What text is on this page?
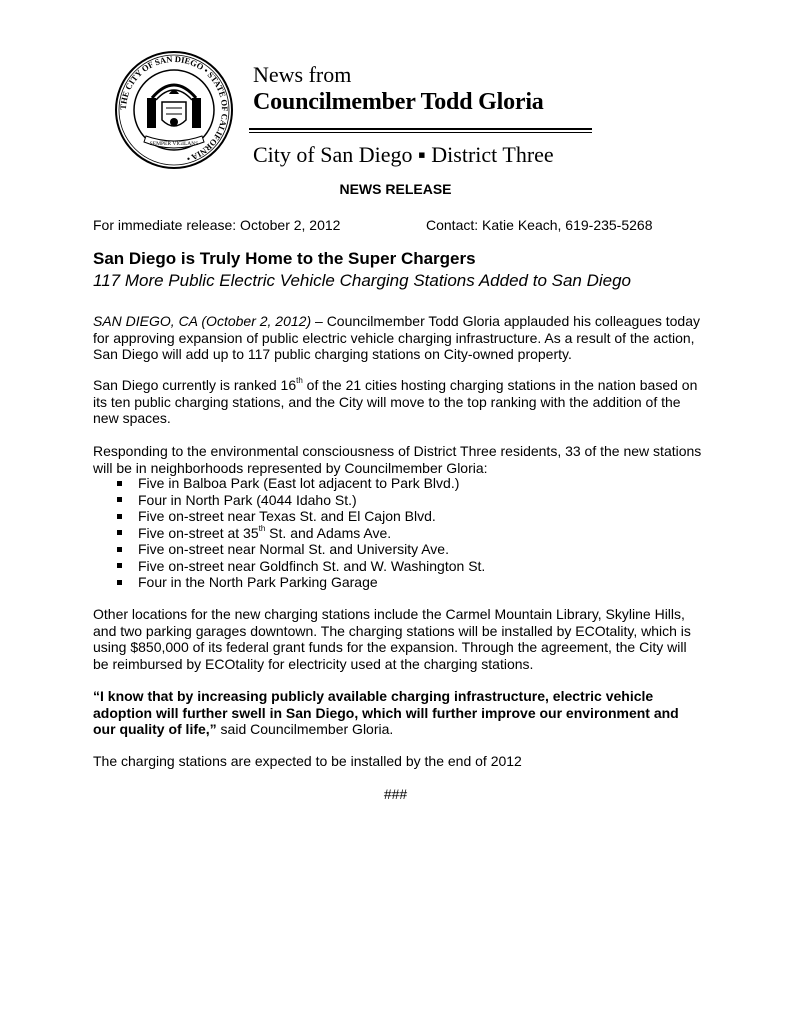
THE CITY OF SAN DIEGO • STATE OF CALIFORNIA •
SEMPER VIGILANS
News from
Councilmember Todd Gloria
City of San Diego ▪ District Three
NEWS RELEASE
For immediate release: October 2, 2012	Contact: Katie Keach, 619-235-5268
San Diego is Truly Home to the Super Chargers
117 More Public Electric Vehicle Charging Stations Added to San Diego

SAN DIEGO, CA (October 2, 2012) – Councilmember Todd Gloria applauded his colleagues today for approving expansion of public electric vehicle charging infrastructure. As a result of the action, San Diego will add up to 117 public charging stations on City-owned property.

San Diego currently is ranked 16th of the 21 cities hosting charging stations in the nation based on its ten public charging stations, and the City will move to the top ranking with the addition of the new spaces.

Responding to the environmental consciousness of District Three residents, 33 of the new stations will be in neighborhoods represented by Councilmember Gloria:

Five in Balboa Park (East lot adjacent to Park Blvd.)
Four in North Park (4044 Idaho St.)
Five on-street near Texas St. and El Cajon Blvd.
Five on-street at 35th St. and Adams Ave.
Five on-street near Normal St. and University Ave.
Five on-street near Goldfinch St. and W. Washington St.
Four in the North Park Parking Garage

Other locations for the new charging stations include the Carmel Mountain Library, Skyline Hills, and two parking garages downtown. The charging stations will be installed by ECOtality, which is using $850,000 of its federal grant funds for the expansion. Through the agreement, the City will be reimbursed by ECOtality for electricity used at the charging stations.

“I know that by increasing publicly available charging infrastructure, electric vehicle adoption will further swell in San Diego, which will further improve our environment and our quality of life,” said Councilmember Gloria.

The charging stations are expected to be installed by the end of 2012

###
